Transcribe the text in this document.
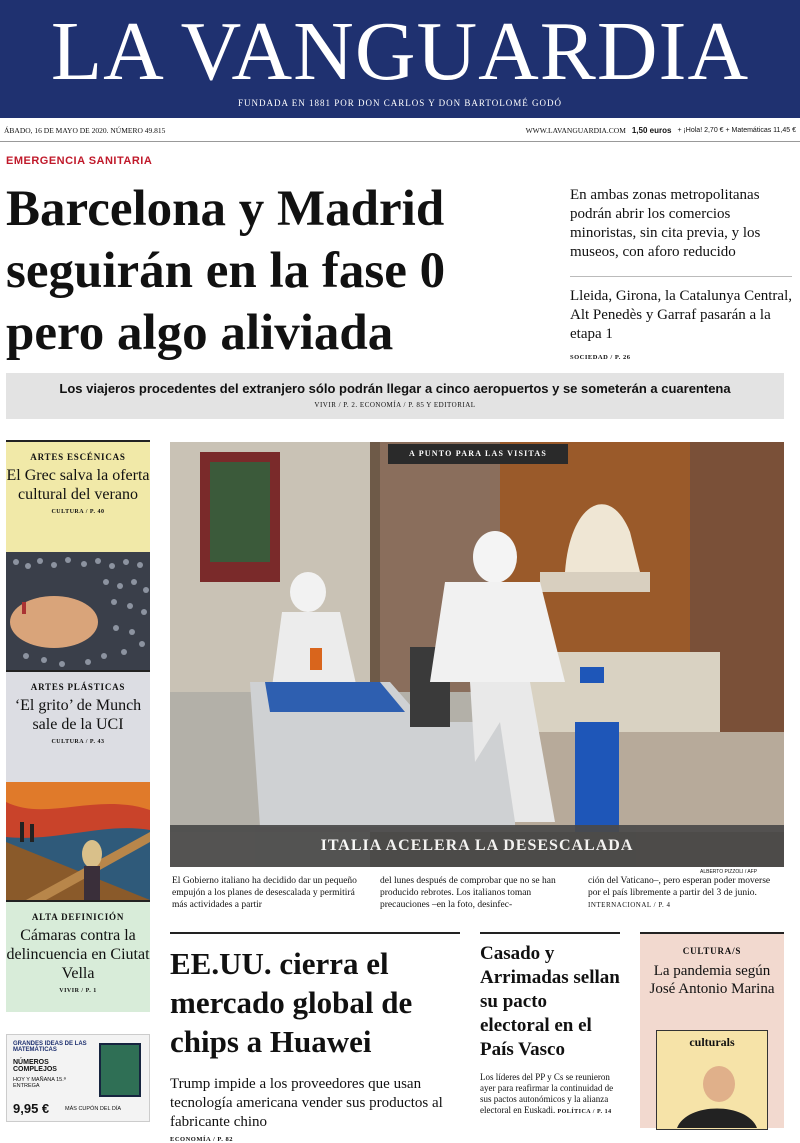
LA VANGUARDIA
FUNDADA EN 1881 POR DON CARLOS Y DON BARTOLOMÉ GODÓ
ÁBADO, 16 DE MAYO DE 2020. NÚMERO 49.815	WWW.LAVANGUARDIA.COM 1,50 euros + ¡Hola! 2,70 € + Matemáticas 11,45 €
EMERGENCIA SANITARIA
Barcelona y Madrid seguirán en la fase 0 pero algo aliviada
En ambas zonas metropolitanas podrán abrir los comercios minoristas, sin cita previa, y los museos, con aforo reducido
Lleida, Girona, la Catalunya Central, Alt Penedès y Garraf pasarán a la etapa 1
SOCIEDAD / P. 26
Los viajeros procedentes del extranjero sólo podrán llegar a cinco aeropuertos y se someterán a cuarentena
VIVIR / P. 2. ECONOMÍA / P. 85 Y EDITORIAL
ARTES ESCÉNICAS
El Grec salva la oferta cultural del verano
CULTURA / P. 40
ARTES PLÁSTICAS
‘El grito’ de Munch sale de la UCI
CULTURA / P. 43
ALTA DEFINICIÓN
Cámaras contra la delincuencia en Ciutat Vella
VIVIR / P. 1
GRANDES IDEAS DE LAS MATEMÁTICAS
NÚMEROS COMPLEJOS
HOY Y MAÑANA 15.ª ENTREGA
9,95 €	MÁS CUPÓN DEL DÍA
A PUNTO PARA LAS VISITAS
ITALIA ACELERA LA DESESCALADA
ALBERTO PIZZOLI / AFP

El Gobierno italiano ha decidido dar un pequeño empujón a los planes de desescalada y permitirá más actividades a partir

del lunes después de comprobar que no se han producido rebrotes. Los italianos toman precauciones –en la foto, desinfec-

ción del Vaticano–, pero esperan poder moverse por el país libremente a partir del 3 de junio. INTERNACIONAL / P. 4

EE.UU. cierra el mercado global de chips a Huawei

Trump impide a los proveedores que usan tecnología americana vender sus productos al fabricante chino

ECONOMÍA / P. 82
Casado y Arrimadas sellan su pacto electoral en el País Vasco

Los líderes del PP y Cs se reunieron ayer para reafirmar la continuidad de sus pactos autonómicos y la alianza electoral en Euskadi. POLÍTICA / P. 14

CULTURA/S
La pandemia según José Antonio Marina
culturals
